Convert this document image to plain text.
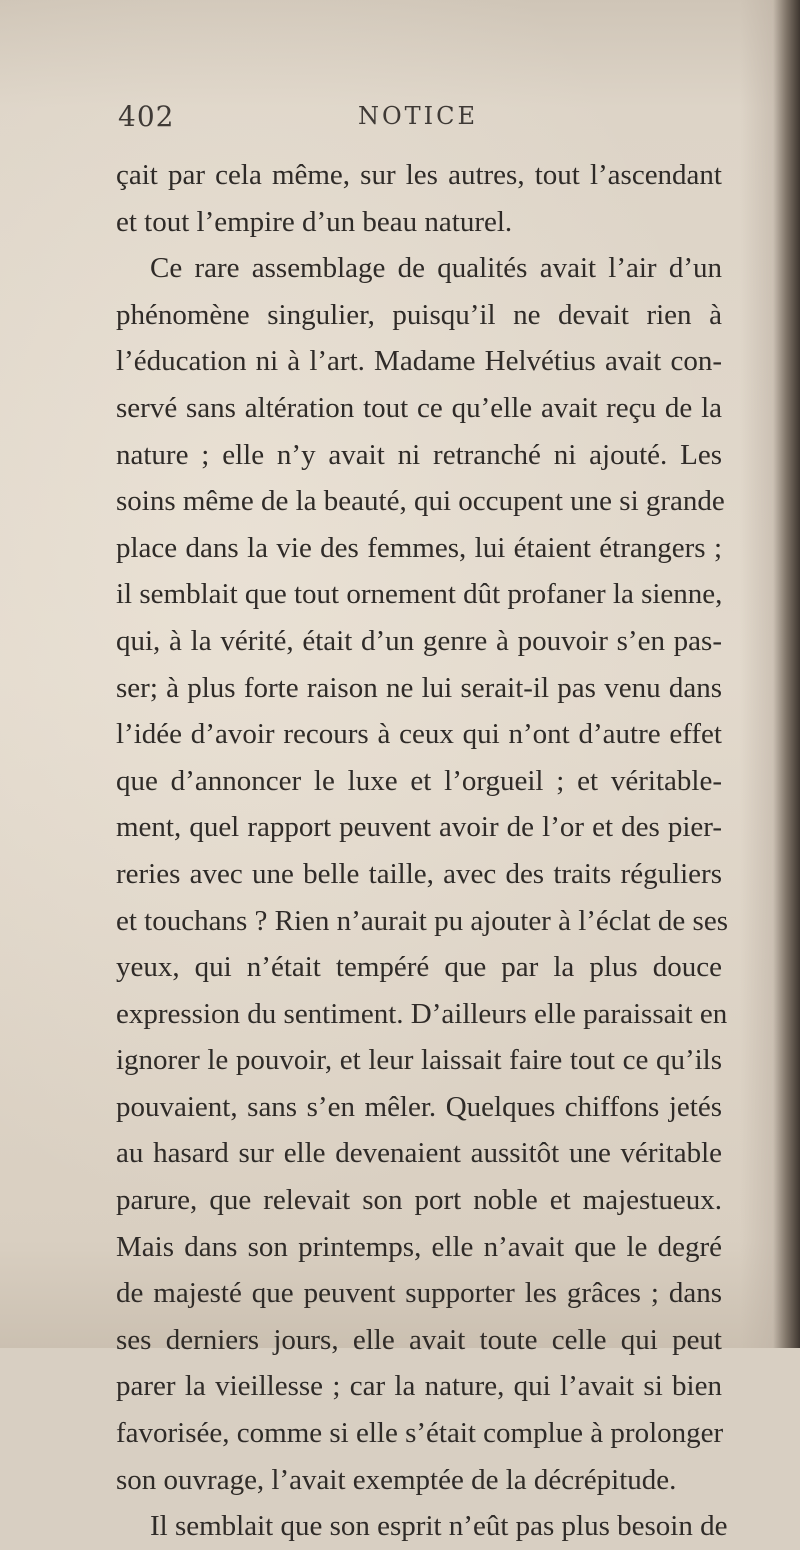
402	NOTICE
çait par cela même, sur les autres, tout l’ascendant
et tout l’empire d’un beau naturel.
Ce rare assemblage de qualités avait l’air d’un
phénomène singulier, puisqu’il ne devait rien à
l’éducation ni à l’art. Madame Helvétius avait con-
servé sans altération tout ce qu’elle avait reçu de la
nature ; elle n’y avait ni retranché ni ajouté. Les
soins même de la beauté, qui occupent une si grande
place dans la vie des femmes, lui étaient étrangers ;
il semblait que tout ornement dût profaner la sienne,
qui, à la vérité, était d’un genre à pouvoir s’en pas-
ser; à plus forte raison ne lui serait-il pas venu dans
l’idée d’avoir recours à ceux qui n’ont d’autre effet
que d’annoncer le luxe et l’orgueil ; et véritable-
ment, quel rapport peuvent avoir de l’or et des pier-
reries avec une belle taille, avec des traits réguliers
et touchans ? Rien n’aurait pu ajouter à l’éclat de ses
yeux, qui n’était tempéré que par la plus douce
expression du sentiment. D’ailleurs elle paraissait en
ignorer le pouvoir, et leur laissait faire tout ce qu’ils
pouvaient, sans s’en mêler. Quelques chiffons jetés
au hasard sur elle devenaient aussitôt une véritable
parure, que relevait son port noble et majestueux.
Mais dans son printemps, elle n’avait que le degré
de majesté que peuvent supporter les grâces ; dans
ses derniers jours, elle avait toute celle qui peut
parer la vieillesse ; car la nature, qui l’avait si bien
favorisée, comme si elle s’était complue à prolonger
son ouvrage, l’avait exemptée de la décrépitude.
Il semblait que son esprit n’eût pas plus besoin de
